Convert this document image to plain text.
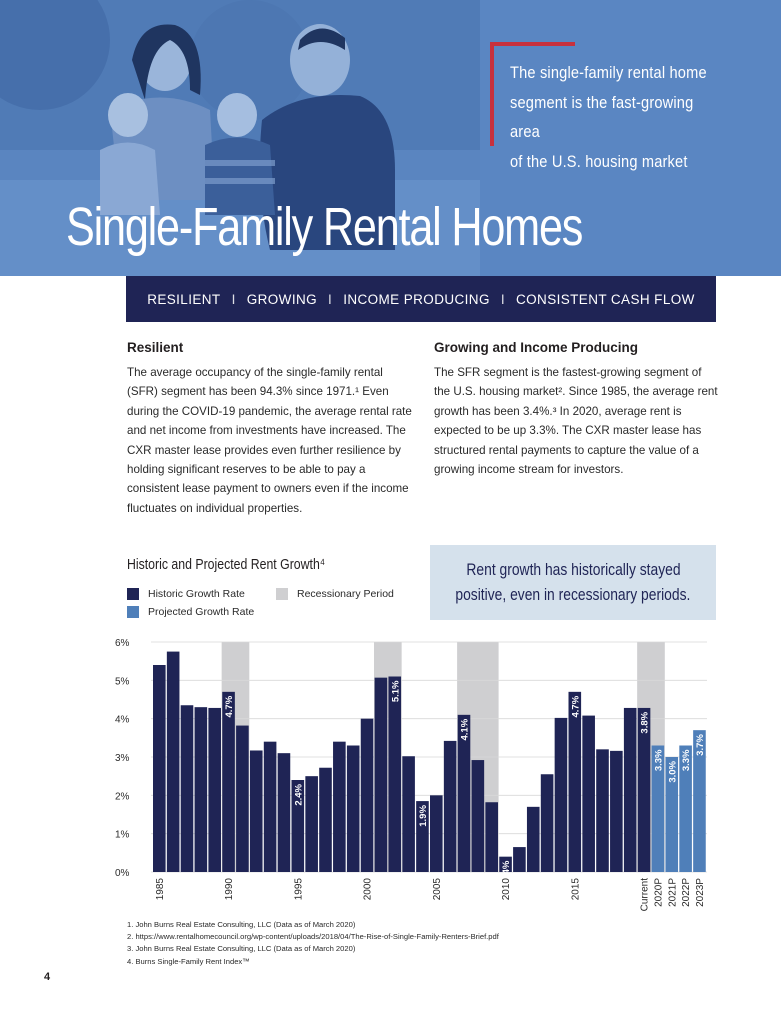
The single-family rental home
segment is the fast-growing area
of the U.S. housing market
Single-Family Rental Homes
RESILIENT I GROWING I INCOME PRODUCING I CONSISTENT CASH FLOW
Resilient

The average occupancy of the single-family rental (SFR) segment has been 94.3% since 1971.¹ Even during the COVID-19 pandemic, the average rental rate and net income from investments have increased. The CXR master lease provides even further resilience by holding significant reserves to be able to pay a consistent lease payment to owners even if the income fluctuates on individual properties.

Growing and Income Producing

The SFR segment is the fastest-growing segment of the U.S. housing market². Since 1985, the average rent growth has been 3.4%.³ In 2020, average rent is expected to be up 3.3%. The CXR master lease has structured rental payments to capture the value of a growing income stream for investors.

Historic and Projected Rent Growth⁴
Historic Growth Rate
Projected Growth Rate
Recessionary Period
Rent growth has historically stayed
positive, even in recessionary periods.
0%
1%
2%
3%
4%
5%
6%
4.7%
2.4%
5.1%
1.9%
4.1%
0.4%
4.7%
3.8%
3.3%
3.0%
3.3%
3.7%
1985	1990	1995	2000	2005	2010	2015	Current 2020P 2021P 2022P 2023P
1. John Burns Real Estate Consulting, LLC (Data as of March 2020)
2. https://www.rentalhomecouncil.org/wp-content/uploads/2018/04/The-Rise-of-Single-Family-Renters-Brief.pdf
3. John Burns Real Estate Consulting, LLC (Data as of March 2020)
4. Burns Single-Family Rent Index™
4
